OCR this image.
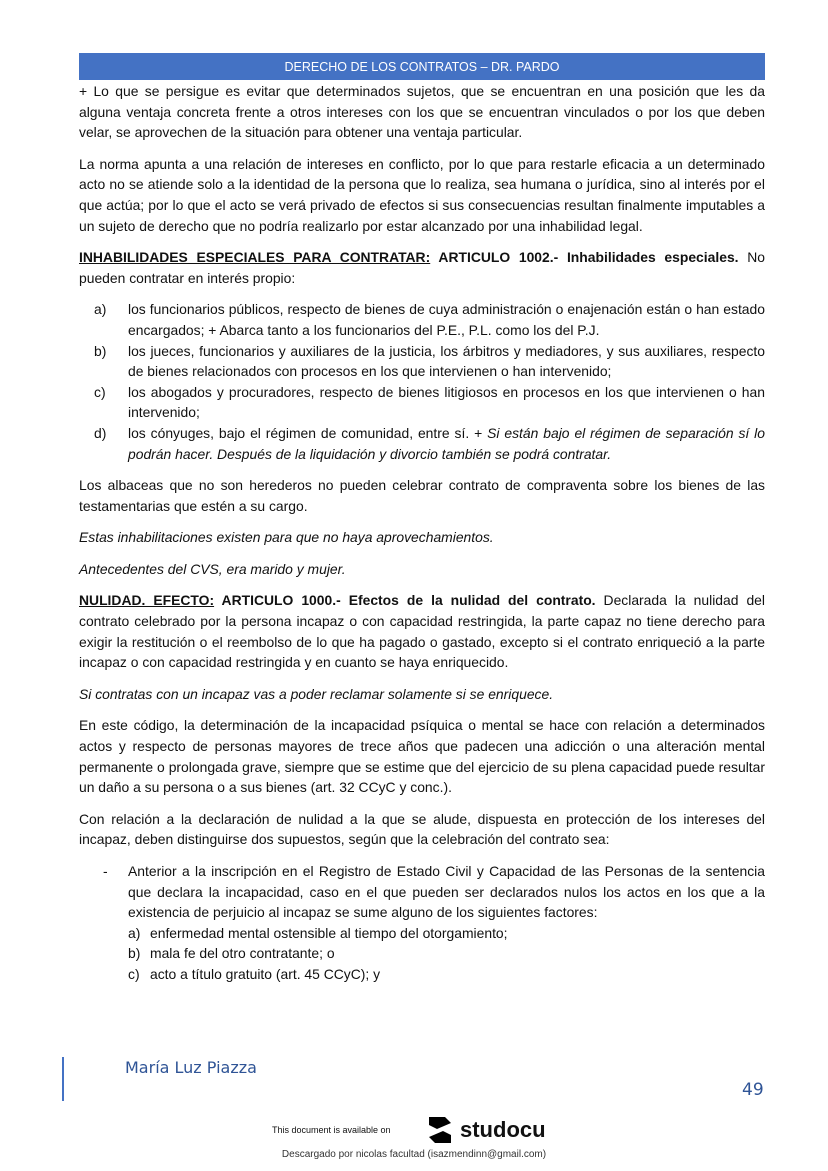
DERECHO DE LOS CONTRATOS – DR. PARDO

+ Lo que se persigue es evitar que determinados sujetos, que se encuentran en una posición que les da alguna ventaja concreta frente a otros intereses con los que se encuentran vinculados o por los que deben velar, se aprovechen de la situación para obtener una ventaja particular.

La norma apunta a una relación de intereses en conflicto, por lo que para restarle eficacia a un determinado acto no se atiende solo a la identidad de la persona que lo realiza, sea humana o jurídica, sino al interés por el que actúa; por lo que el acto se verá privado de efectos si sus consecuencias resultan finalmente imputables a un sujeto de derecho que no podría realizarlo por estar alcanzado por una inhabilidad legal.

INHABILIDADES ESPECIALES PARA CONTRATAR: ARTICULO 1002.- Inhabilidades especiales. No pueden contratar en interés propio:

a) los funcionarios públicos, respecto de bienes de cuya administración o enajenación están o han estado encargados; + Abarca tanto a los funcionarios del P.E., P.L. como los del P.J.
b) los jueces, funcionarios y auxiliares de la justicia, los árbitros y mediadores, y sus auxiliares, respecto de bienes relacionados con procesos en los que intervienen o han intervenido;
c) los abogados y procuradores, respecto de bienes litigiosos en procesos en los que intervienen o han intervenido;
d) los cónyuges, bajo el régimen de comunidad, entre sí. + Si están bajo el régimen de separación sí lo podrán hacer. Después de la liquidación y divorcio también se podrá contratar.

Los albaceas que no son herederos no pueden celebrar contrato de compraventa sobre los bienes de las testamentarias que estén a su cargo.

Estas inhabilitaciones existen para que no haya aprovechamientos.

Antecedentes del CVS, era marido y mujer.

NULIDAD. EFECTO: ARTICULO 1000.- Efectos de la nulidad del contrato. Declarada la nulidad del contrato celebrado por la persona incapaz o con capacidad restringida, la parte capaz no tiene derecho para exigir la restitución o el reembolso de lo que ha pagado o gastado, excepto si el contrato enriqueció a la parte incapaz o con capacidad restringida y en cuanto se haya enriquecido.

Si contratas con un incapaz vas a poder reclamar solamente si se enriquece.

En este código, la determinación de la incapacidad psíquica o mental se hace con relación a determinados actos y respecto de personas mayores de trece años que padecen una adicción o una alteración mental permanente o prolongada grave, siempre que se estime que del ejercicio de su plena capacidad puede resultar un daño a su persona o a sus bienes (art. 32 CCyC y conc.).

Con relación a la declaración de nulidad a la que se alude, dispuesta en protección de los intereses del incapaz, deben distinguirse dos supuestos, según que la celebración del contrato sea:

- Anterior a la inscripción en el Registro de Estado Civil y Capacidad de las Personas de la sentencia que declara la incapacidad, caso en el que pueden ser declarados nulos los actos en los que a la existencia de perjuicio al incapaz se sume alguno de los siguientes factores:
a) enfermedad mental ostensible al tiempo del otorgamiento;
b) mala fe del otro contratante; o
c) acto a título gratuito (art. 45 CCyC); y
María Luz Piazza
49
This document is available on	studocu
Descargado por nicolas facultad (isazmendinn@gmail.com)
